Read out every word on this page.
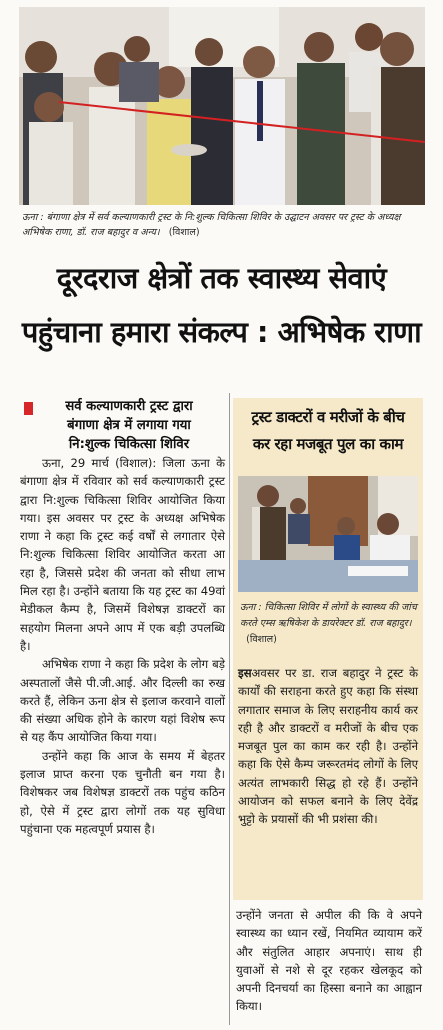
ऊना : बंगाणा क्षेत्र में सर्व कल्याणकारी ट्रस्ट के नि:शुल्क चिकित्सा शिविर के उद्घाटन अवसर पर ट्रस्ट के अध्यक्ष अभिषेक राणा, डॉ. राज बहादुर व अन्य। (विशाल)
दूरदराज क्षेत्रों तक स्वास्थ्य सेवाएं
पहुंचाना हमारा संकल्प : अभिषेक राणा
सर्व कल्याणकारी ट्रस्ट द्वारा
बंगाणा क्षेत्र में लगाया गया
नि:शुल्क चिकित्सा शिविर

ऊना, 29 मार्च (विशाल): जिला ऊना के बंगाणा क्षेत्र में रविवार को सर्व कल्याणकारी ट्रस्ट द्वारा नि:शुल्क चिकित्सा शिविर आयोजित किया गया। इस अवसर पर ट्रस्ट के अध्यक्ष अभिषेक राणा ने कहा कि ट्रस्ट कई वर्षों से लगातार ऐसे नि:शुल्क चिकित्सा शिविर आयोजित करता आ रहा है, जिससे प्रदेश की जनता को सीधा लाभ मिल रहा है। उन्होंने बताया कि यह ट्रस्ट का 49वां मेडीकल कैम्प है, जिसमें विशेषज्ञ डाक्टरों का सहयोग मिलना अपने आप में एक बड़ी उपलब्धि है।

अभिषेक राणा ने कहा कि प्रदेश के लोग बड़े अस्पतालों जैसे पी.जी.आई. और दिल्ली का रुख करते हैं, लेकिन ऊना क्षेत्र से इलाज करवाने वालों की संख्या अधिक होने के कारण यहां विशेष रूप से यह कैंप आयोजित किया गया।

उन्होंने कहा कि आज के समय में बेहतर इलाज प्राप्त करना एक चुनौती बन गया है। विशेषकर जब विशेषज्ञ डाक्टरों तक पहुंच कठिन हो, ऐसे में ट्रस्ट द्वारा लोगों तक यह सुविधा पहुंचाना एक महत्वपूर्ण प्रयास है।

ट्रस्ट डाक्टरों व मरीजों के बीच
कर रहा मजबूत पुल का काम
ऊना : चिकित्सा शिविर में लोगों के स्वास्थ्य की जांच करते एम्स ऋषिकेश के डायरेक्टर डॉ. राज बहादुर।   (विशाल)

इसअवसर पर डा. राज बहादुर ने ट्रस्ट के कार्यों की सराहना करते हुए कहा कि संस्था लगातार समाज के लिए सराहनीय कार्य कर रही है और डाक्टरों व मरीजों के बीच एक मजबूत पुल का काम कर रही है। उन्होंने कहा कि ऐसे कैम्प जरूरतमंद लोगों के लिए अत्यंत लाभकारी सिद्ध हो रहे हैं। उन्होंने आयोजन को सफल बनाने के लिए देवेंद्र भुट्टो के प्रयासों की भी प्रशंसा की।

उन्होंने जनता से अपील की कि वे अपने स्वास्थ्य का ध्यान रखें, नियमित व्यायाम करें और संतुलित आहार अपनाएं। साथ ही युवाओं से नशे से दूर रहकर खेलकूद को अपनी दिनचर्या का हिस्सा बनाने का आह्वान किया।
